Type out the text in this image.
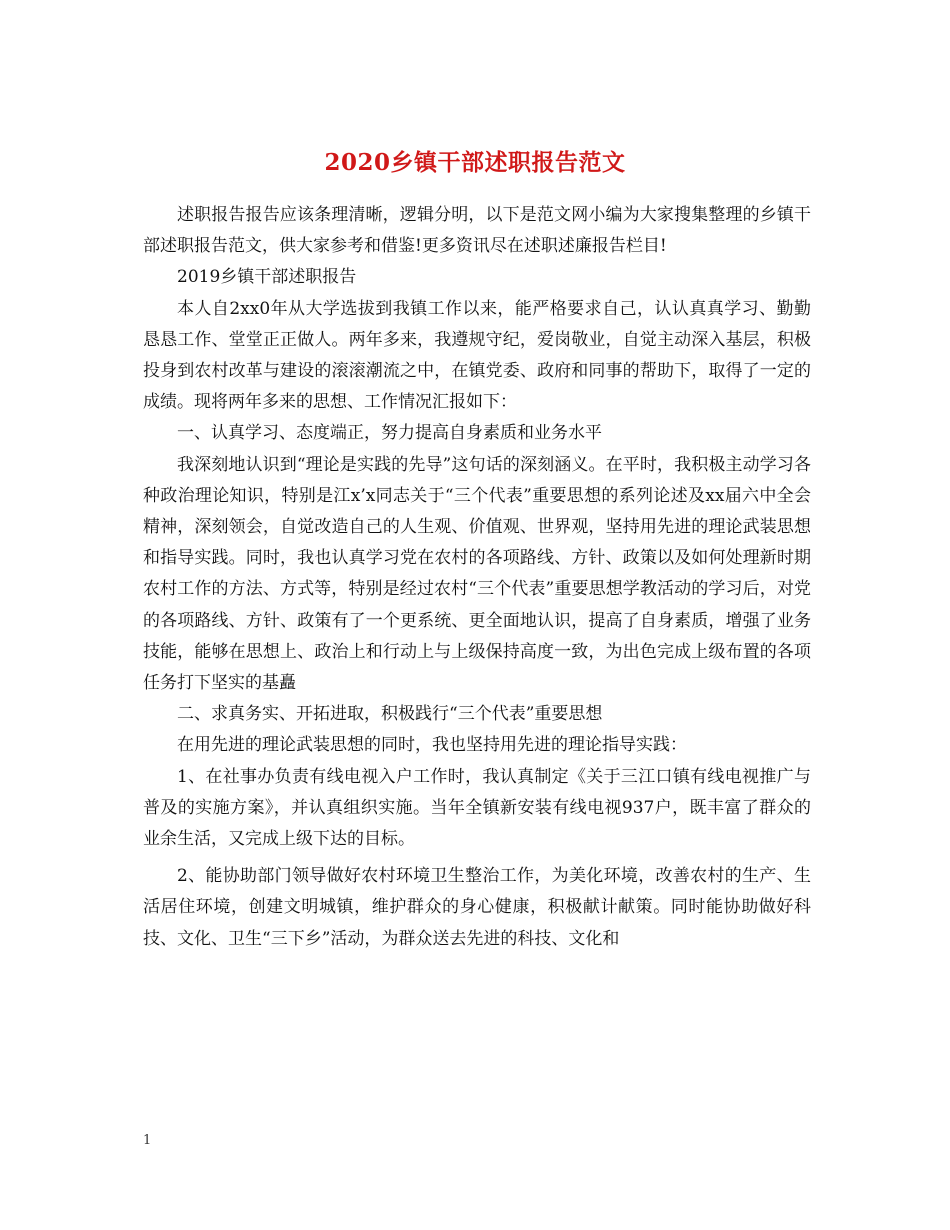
2020乡镇干部述职报告范文

述职报告报告应该条理清晰，逻辑分明，以下是范文网小编为大家搜集整理的乡镇干部述职报告范文，供大家参考和借鉴!更多资讯尽在述职述廉报告栏目!

2019乡镇干部述职报告

本人自2xx0年从大学选拔到我镇工作以来，能严格要求自己，认认真真学习、勤勤恳恳工作、堂堂正正做人。两年多来，我遵规守纪，爱岗敬业，自觉主动深入基层，积极投身到农村改革与建设的滚滚潮流之中，在镇党委、政府和同事的帮助下，取得了一定的成绩。现将两年多来的思想、工作情况汇报如下：

一、认真学习、态度端正，努力提高自身素质和业务水平

我深刻地认识到“理论是实践的先导”这句话的深刻涵义。在平时，我积极主动学习各种政治理论知识，特别是江x’x同志关于“三个代表”重要思想的系列论述及xx届六中全会精神，深刻领会，自觉改造自己的人生观、价值观、世界观，坚持用先进的理论武装思想和指导实践。同时，我也认真学习党在农村的各项路线、方针、政策以及如何处理新时期农村工作的方法、方式等，特别是经过农村“三个代表”重要思想学教活动的学习后，对党的各项路线、方针、政策有了一个更系统、更全面地认识，提高了自身素质，增强了业务技能，能够在思想上、政治上和行动上与上级保持高度一致，为出色完成上级布置的各项任务打下坚实的基矗

二、求真务实、开拓进取，积极践行“三个代表”重要思想

在用先进的理论武装思想的同时，我也坚持用先进的理论指导实践：

1、在社事办负责有线电视入户工作时，我认真制定《关于三江口镇有线电视推广与普及的实施方案》，并认真组织实施。当年全镇新安装有线电视937户，既丰富了群众的业余生活，又完成上级下达的目标。

2、能协助部门领导做好农村环境卫生整治工作，为美化环境，改善农村的生产、生活居住环境，创建文明城镇，维护群众的身心健康，积极献计献策。同时能协助做好科技、文化、卫生“三下乡”活动，为群众送去先进的科技、文化和

1
